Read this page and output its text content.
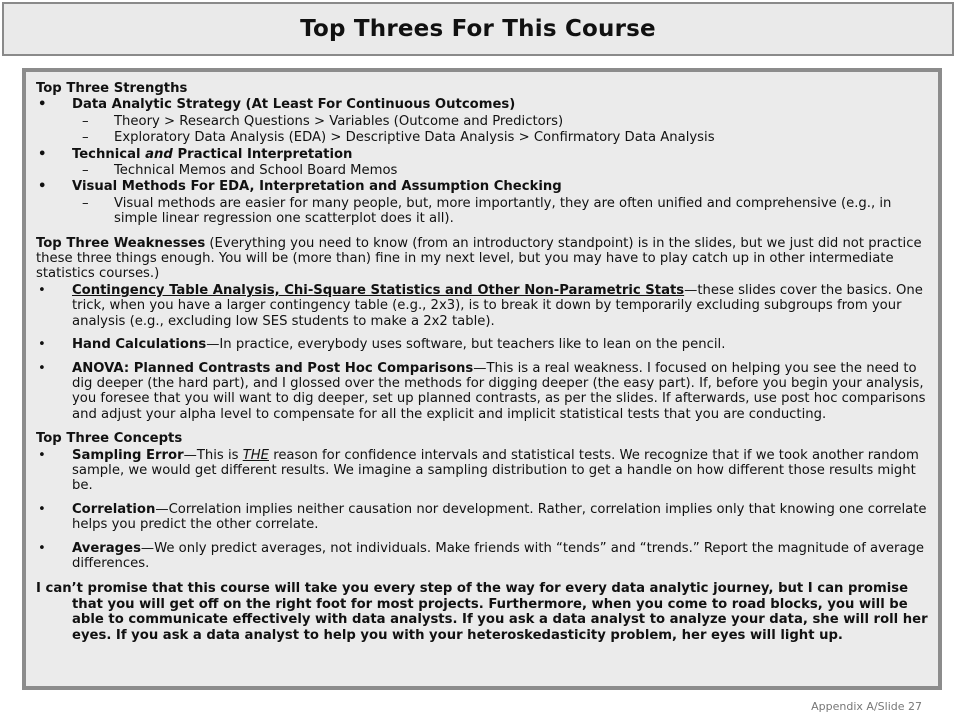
Top Threes For This Course
Top Three Strengths
• Data Analytic Strategy (At Least For Continuous Outcomes)
– Theory > Research Questions > Variables (Outcome and Predictors)
– Exploratory Data Analysis (EDA) > Descriptive Data Analysis > Confirmatory Data Analysis
• Technical and Practical Interpretation
– Technical Memos and School Board Memos
• Visual Methods For EDA, Interpretation and Assumption Checking
– Visual methods are easier for many people, but, more importantly, they are often unified and comprehensive (e.g., in simple linear regression one scatterplot does it all).
Top Three Weaknesses (Everything you need to know (from an introductory standpoint) is in the slides, but we just did not practice these three things enough. You will be (more than) fine in my next level, but you may have to play catch up in other intermediate statistics courses.)
• Contingency Table Analysis, Chi-Square Statistics and Other Non-Parametric Stats—these slides cover the basics. One trick, when you have a larger contingency table (e.g., 2x3), is to break it down by temporarily excluding subgroups from your analysis (e.g., excluding low SES students to make a 2x2 table).
• Hand Calculations—In practice, everybody uses software, but teachers like to lean on the pencil.
• ANOVA: Planned Contrasts and Post Hoc Comparisons—This is a real weakness. I focused on helping you see the need to dig deeper (the hard part), and I glossed over the methods for digging deeper (the easy part). If, before you begin your analysis, you foresee that you will want to dig deeper, set up planned contrasts, as per the slides. If afterwards, use post hoc comparisons and adjust your alpha level to compensate for all the explicit and implicit statistical tests that you are conducting.
Top Three Concepts
• Sampling Error—This is THE reason for confidence intervals and statistical tests. We recognize that if we took another random sample, we would get different results. We imagine a sampling distribution to get a handle on how different those results might be.
• Correlation—Correlation implies neither causation nor development. Rather, correlation implies only that knowing one correlate helps you predict the other correlate.
• Averages—We only predict averages, not individuals. Make friends with “tends” and “trends.” Report the magnitude of average differences.
I can’t promise that this course will take you every step of the way for every data analytic journey, but I can promise that you will get off on the right foot for most projects. Furthermore, when you come to road blocks, you will be able to communicate effectively with data analysts. If you ask a data analyst to analyze your data, she will roll her eyes. If you ask a data analyst to help you with your heteroskedasticity problem, her eyes will light up.
Appendix A/Slide 27
